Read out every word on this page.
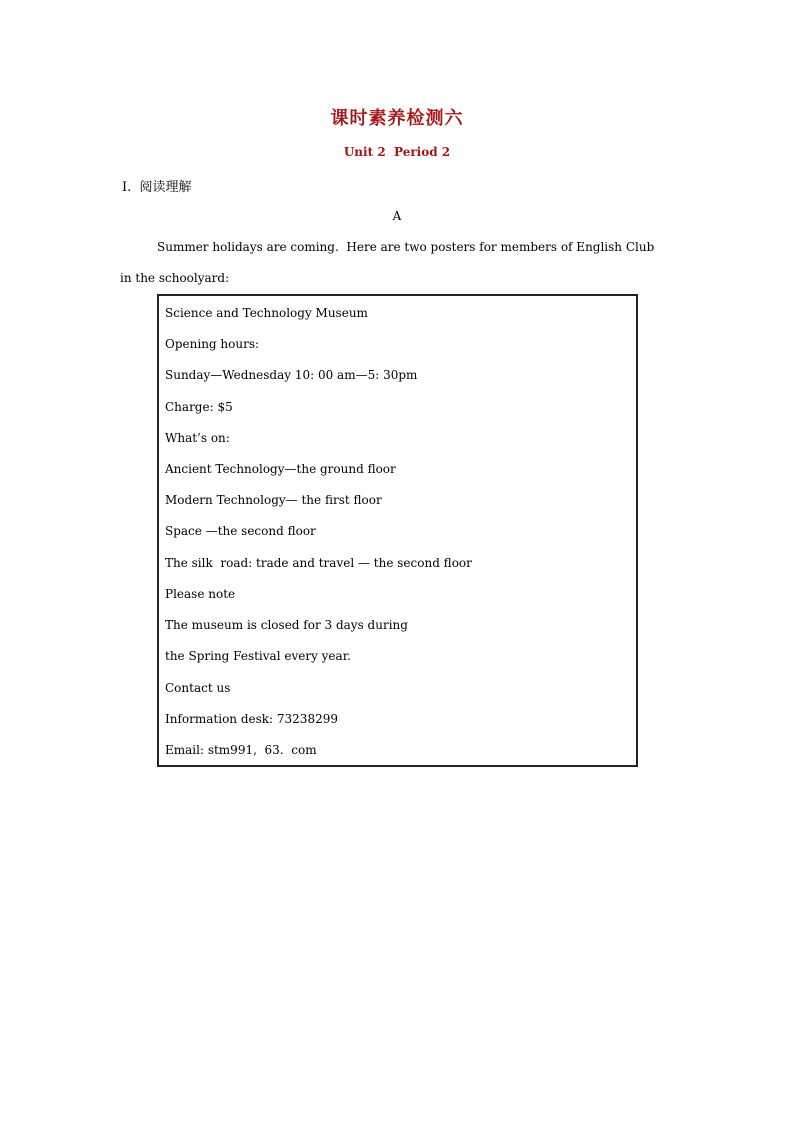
课时素养检测六
Unit 2  Period 2
Ⅰ.  阅读理解
A
Summer holidays are coming.  Here are two posters for members of English Club
in the schoolyard:
Science and Technology Museum
Opening hours:
Sunday—Wednesday 10: 00 am—5: 30pm
Charge: $5
What’s on:
Ancient Technology—the ground floor
Modern Technology— the first floor
Space —the second floor
The silk  road: trade and travel — the second floor
Please note
The museum is closed for 3 days during
the Spring Festival every year.
Contact us
Information desk: 73238299
Email: stm991,  63.  com
